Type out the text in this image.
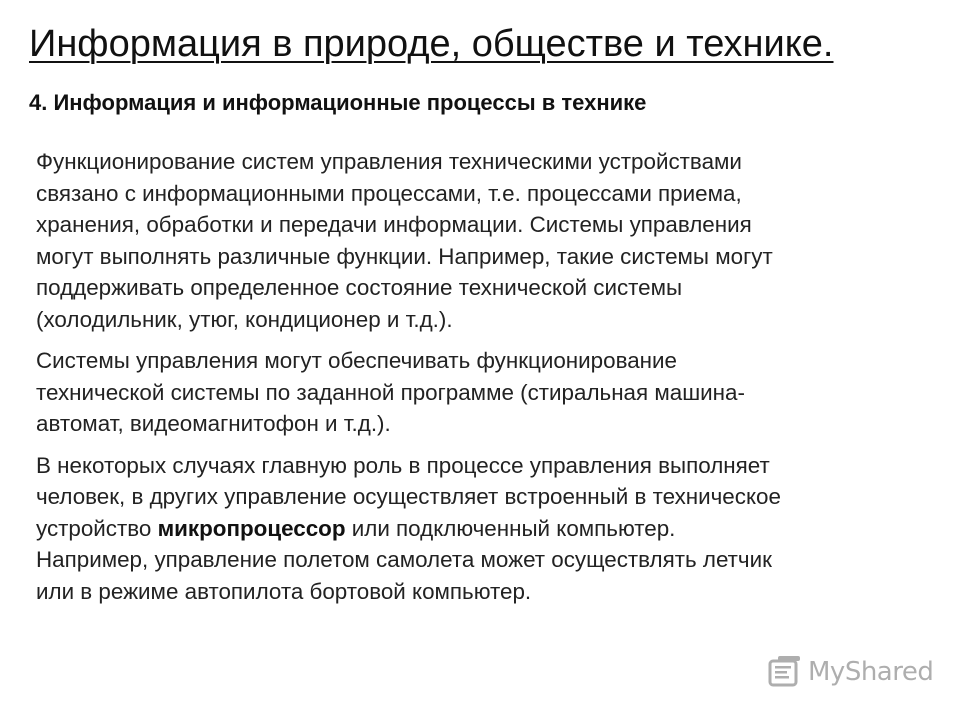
Информация в природе, обществе и технике.
4. Информация и информационные процессы в технике

Функционирование систем управления техническими устройствами
связано с информационными процессами, т.е. процессами приема,
хранения, обработки и передачи информации. Системы управления
могут выполнять различные функции. Например, такие системы могут
поддерживать определенное состояние технической системы
(холодильник, утюг, кондиционер и т.д.).

Системы управления могут обеспечивать функционирование
технической системы по заданной программе (стиральная машина-
автомат, видеомагнитофон и т.д.).

В некоторых случаях главную роль в процессе управления выполняет
человек, в других управление осуществляет встроенный в техническое
устройство микропроцессор или подключенный компьютер.
Например, управление полетом самолета может осуществлять летчик
или в режиме автопилота бортовой компьютер.

MyShared
